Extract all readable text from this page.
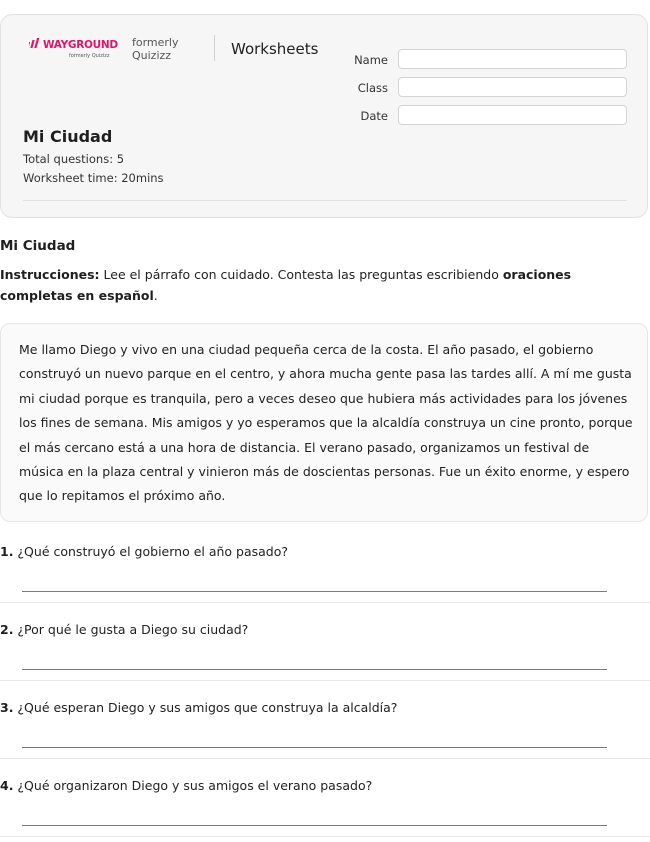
WAYGROUND
formerly Quizizz
formerly
Quizizz	Worksheets
Name
Class
Date
Mi Ciudad
Total questions: 5
Worksheet time: 20mins
Mi Ciudad
Instrucciones: Lee el párrafo con cuidado. Contesta las preguntas escribiendo oraciones completas en español.

Me llamo Diego y vivo en una ciudad pequeña cerca de la costa. El año pasado, el gobierno construyó un nuevo parque en el centro, y ahora mucha gente pasa las tardes allí. A mí me gusta mi ciudad porque es tranquila, pero a veces deseo que hubiera más actividades para los jóvenes los fines de semana. Mis amigos y yo esperamos que la alcaldía construya un cine pronto, porque el más cercano está a una hora de distancia. El verano pasado, organizamos un festival de música en la plaza central y vinieron más de doscientas personas. Fue un éxito enorme, y espero que lo repitamos el próximo año.

1. ¿Qué construyó el gobierno el año pasado?
2. ¿Por qué le gusta a Diego su ciudad?
3. ¿Qué esperan Diego y sus amigos que construya la alcaldía?
4. ¿Qué organizaron Diego y sus amigos el verano pasado?
